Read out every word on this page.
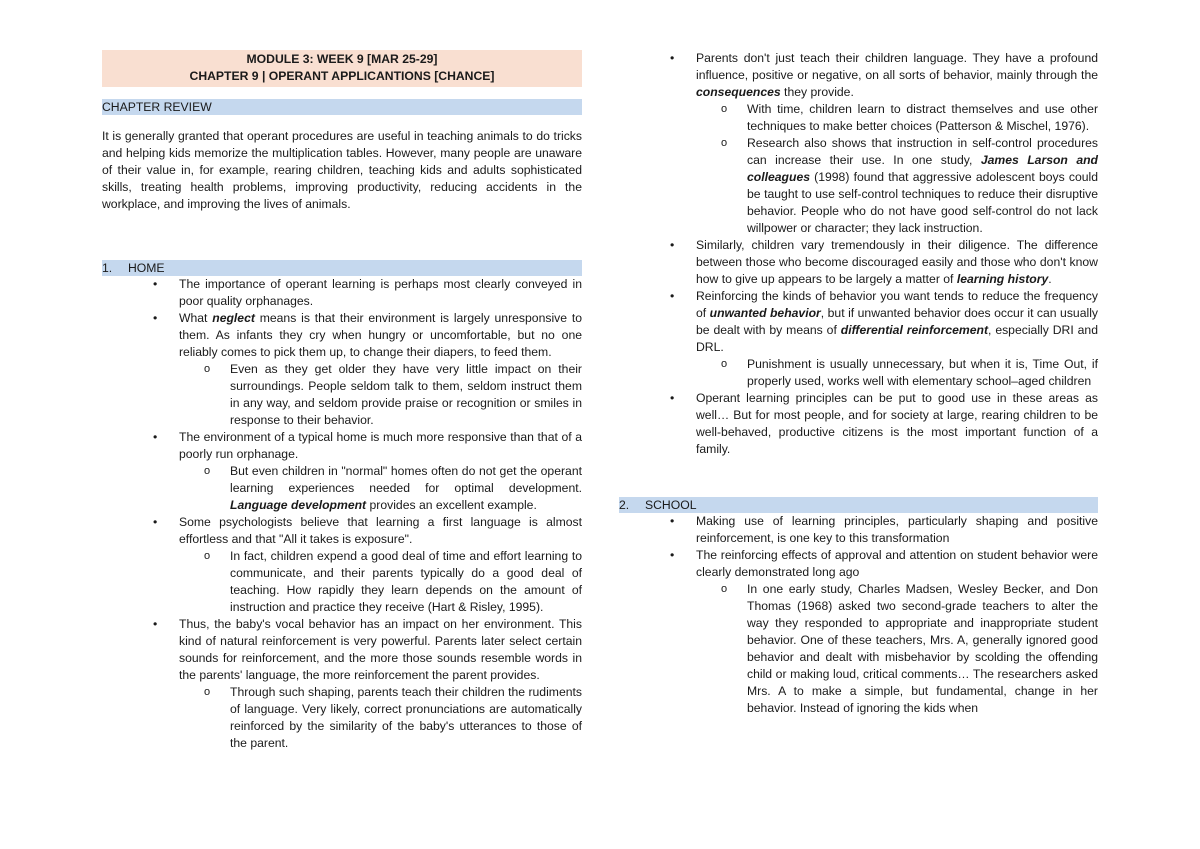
MODULE 3: WEEK 9 [MAR 25-29]
CHAPTER 9 | OPERANT APPLICANTIONS [CHANCE]
CHAPTER REVIEW
It is generally granted that operant procedures are useful in teaching animals to do tricks and helping kids memorize the multiplication tables. However, many people are unaware of their value in, for example, rearing children, teaching kids and adults sophisticated skills, treating health problems, improving productivity, reducing accidents in the workplace, and improving the lives of animals.
1. HOME
• The importance of operant learning is perhaps most clearly conveyed in poor quality orphanages.
• What neglect means is that their environment is largely unresponsive to them. As infants they cry when hungry or uncomfortable, but no one reliably comes to pick them up, to change their diapers, to feed them.
o Even as they get older they have very little impact on their surroundings. People seldom talk to them, seldom instruct them in any way, and seldom provide praise or recognition or smiles in response to their behavior.
• The environment of a typical home is much more responsive than that of a poorly run orphanage.
o But even children in "normal" homes often do not get the operant learning experiences needed for optimal development. Language development provides an excellent example.
• Some psychologists believe that learning a first language is almost effortless and that "All it takes is exposure".
o In fact, children expend a good deal of time and effort learning to communicate, and their parents typically do a good deal of teaching. How rapidly they learn depends on the amount of instruction and practice they receive (Hart & Risley, 1995).
• Thus, the baby's vocal behavior has an impact on her environment. This kind of natural reinforcement is very powerful. Parents later select certain sounds for reinforcement, and the more those sounds resemble words in the parents' language, the more reinforcement the parent provides.
o Through such shaping, parents teach their children the rudiments of language. Very likely, correct pronunciations are automatically reinforced by the similarity of the baby's utterances to those of the parent.
• Parents don't just teach their children language. They have a profound influence, positive or negative, on all sorts of behavior, mainly through the consequences they provide.
o With time, children learn to distract themselves and use other techniques to make better choices (Patterson & Mischel, 1976).
o Research also shows that instruction in self-control procedures can increase their use. In one study, James Larson and colleagues (1998) found that aggressive adolescent boys could be taught to use self-control techniques to reduce their disruptive behavior. People who do not have good self-control do not lack willpower or character; they lack instruction.
• Similarly, children vary tremendously in their diligence. The difference between those who become discouraged easily and those who don't know how to give up appears to be largely a matter of learning history.
• Reinforcing the kinds of behavior you want tends to reduce the frequency of unwanted behavior, but if unwanted behavior does occur it can usually be dealt with by means of differential reinforcement, especially DRI and DRL.
o Punishment is usually unnecessary, but when it is, Time Out, if properly used, works well with elementary school–aged children
• Operant learning principles can be put to good use in these areas as well… But for most people, and for society at large, rearing children to be well-behaved, productive citizens is the most important function of a family.
2. SCHOOL
• Making use of learning principles, particularly shaping and positive reinforcement, is one key to this transformation
• The reinforcing effects of approval and attention on student behavior were clearly demonstrated long ago
o In one early study, Charles Madsen, Wesley Becker, and Don Thomas (1968) asked two second-grade teachers to alter the way they responded to appropriate and inappropriate student behavior. One of these teachers, Mrs. A, generally ignored good behavior and dealt with misbehavior by scolding the offending child or making loud, critical comments… The researchers asked Mrs. A to make a simple, but fundamental, change in her behavior. Instead of ignoring the kids when
